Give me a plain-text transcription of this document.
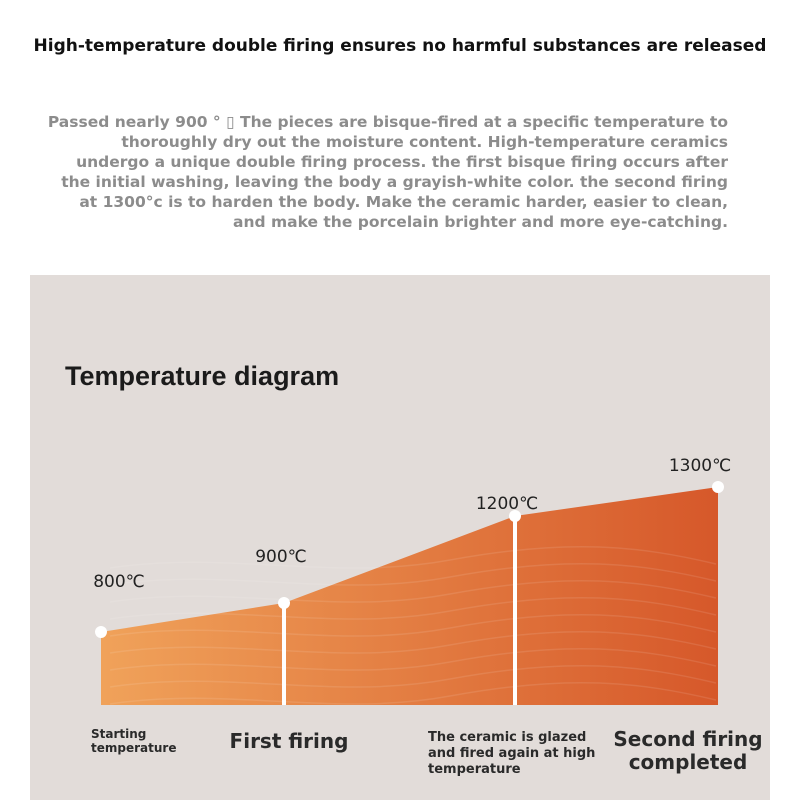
High-temperature double firing ensures no harmful substances are released
Passed nearly 900 ° ▯ The pieces are bisque-fired at a specific temperature to
thoroughly dry out the moisture content. High-temperature ceramics
undergo a unique double firing process. the first bisque firing occurs after
the initial washing, leaving the body a grayish-white color. the second firing
at 1300°c is to harden the body. Make the ceramic harder, easier to clean,
and make the porcelain brighter and more eye-catching.
Temperature diagram
800℃
900℃
1200℃
1300℃
Starting
temperature	First firing	The ceramic is glazed
and fired again at high
temperature
Second firing
completed
